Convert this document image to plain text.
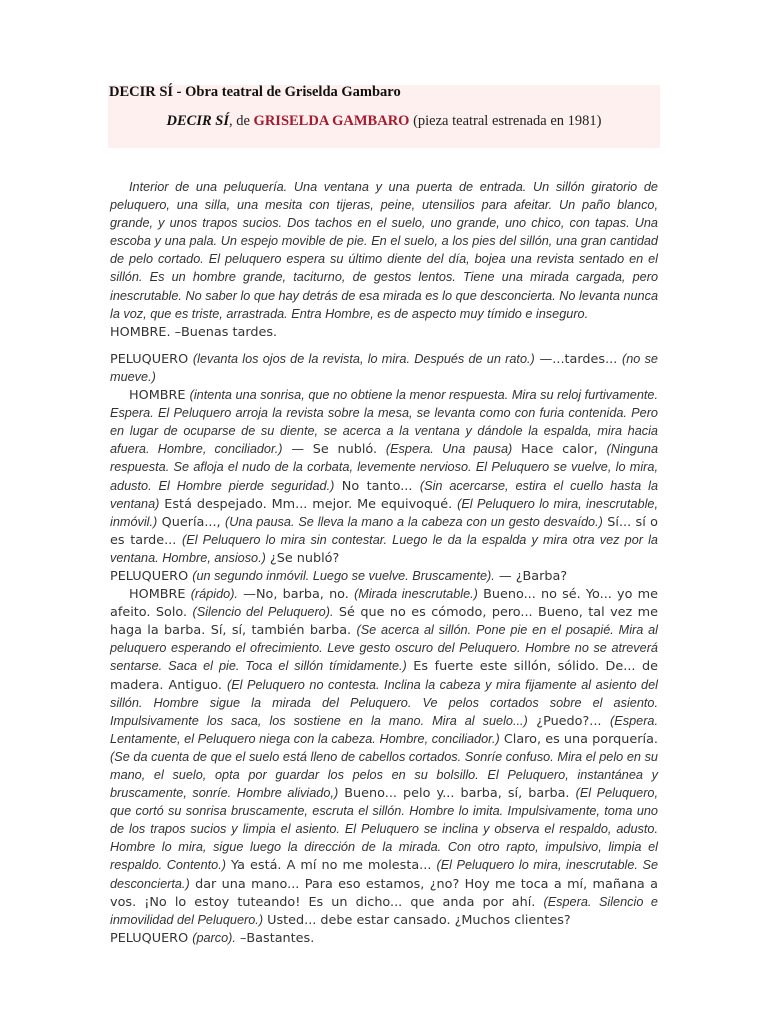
DECIR SÍ - Obra teatral de Griselda Gambaro
DECIR SÍ, de GRISELDA GAMBARO (pieza teatral estrenada en 1981)

Interior de una peluquería. Una ventana y una puerta de entrada. Un sillón giratorio de peluquero, una silla, una mesita con tijeras, peine, utensilios para afeitar. Un paño blanco, grande, y unos trapos sucios. Dos tachos en el suelo, uno grande, uno chico, con tapas. Una escoba y una pala. Un espejo movible de pie. En el suelo, a los pies del sillón, una gran cantidad de pelo cortado. El peluquero espera su último diente del día, bojea una revista sentado en el sillón. Es un hombre grande, taciturno, de gestos lentos. Tiene una mirada cargada, pero inescrutable. No saber lo que hay detrás de esa mirada es lo que desconcierta. No levanta nunca la voz, que es triste, arrastrada. Entra Hombre, es de aspecto muy tímido e inseguro.

HOMBRE. –Buenas tardes.

PELUQUERO (levanta los ojos de la revista, lo mira. Después de un rato.) —...tardes... (no se mueve.)

HOMBRE (intenta una sonrisa, que no obtiene la menor respuesta. Mira su reloj furtivamente. Espera. El Peluquero arroja la revista sobre la mesa, se levanta como con furia contenida. Pero en lugar de ocuparse de su diente, se acerca a la ventana y dándole la espalda, mira hacia afuera. Hombre, conciliador.) — Se nubló. (Espera. Una pausa) Hace calor, (Ninguna respuesta. Se afloja el nudo de la corbata, levemente nervioso. El Peluquero se vuelve, lo mira, adusto. El Hombre pierde seguridad.) No tanto... (Sin acercarse, estira el cuello hasta la ventana) Está despejado. Mm... mejor. Me equivoqué. (El Peluquero lo mira, inescrutable, inmóvil.) Quería..., (Una pausa. Se lleva la mano a la cabeza con un gesto desvaído.) Sí... sí o es tarde... (El Peluquero lo mira sin contestar. Luego le da la espalda y mira otra vez por la ventana. Hombre, ansioso.) ¿Se nubló?

PELUQUERO (un segundo inmóvil. Luego se vuelve. Bruscamente). — ¿Barba?

HOMBRE (rápido). —No, barba, no. (Mirada inescrutable.) Bueno... no sé. Yo... yo me afeito. Solo. (Silencio del Peluquero). Sé que no es cómodo, pero... Bueno, tal vez me haga la barba. Sí, sí, también barba. (Se acerca al sillón. Pone pie en el posapié. Mira al peluquero esperando el ofrecimiento. Leve gesto oscuro del Peluquero. Hombre no se atreverá sentarse. Saca el pie. Toca el sillón tímidamente.) Es fuerte este sillón, sólido. De... de madera. Antiguo. (El Peluquero no contesta. Inclina la cabeza y mira fijamente al asiento del sillón. Hombre sigue la mirada del Peluquero. Ve pelos cortados sobre el asiento. Impulsivamente los saca, los sostiene en la mano. Mira al suelo...) ¿Puedo?... (Espera. Lentamente, el Peluquero niega con la cabeza. Hombre, conciliador.) Claro, es una porquería. (Se da cuenta de que el suelo está lleno de cabellos cortados. Sonríe confuso. Mira el pelo en su mano, el suelo, opta por guardar los pelos en su bolsillo. El Peluquero, instantánea y bruscamente, sonríe. Hombre aliviado,) Bueno... pelo y... barba, sí, barba. (El Peluquero, que cortó su sonrisa bruscamente, escruta el sillón. Hombre lo imita. Impulsivamente, toma uno de los trapos sucios y limpia el asiento. El Peluquero se inclina y observa el respaldo, adusto. Hombre lo mira, sigue luego la dirección de la mirada. Con otro rapto, impulsivo, limpia el respaldo. Contento.) Ya está. A mí no me molesta... (El Peluquero lo mira, inescrutable. Se desconcierta.) dar una mano... Para eso estamos, ¿no? Hoy me toca a mí, mañana a vos. ¡No lo estoy tuteando! Es un dicho... que anda por ahí. (Espera. Silencio e inmovilidad del Peluquero.) Usted... debe estar cansado. ¿Muchos clientes?

PELUQUERO (parco). –Bastantes.
